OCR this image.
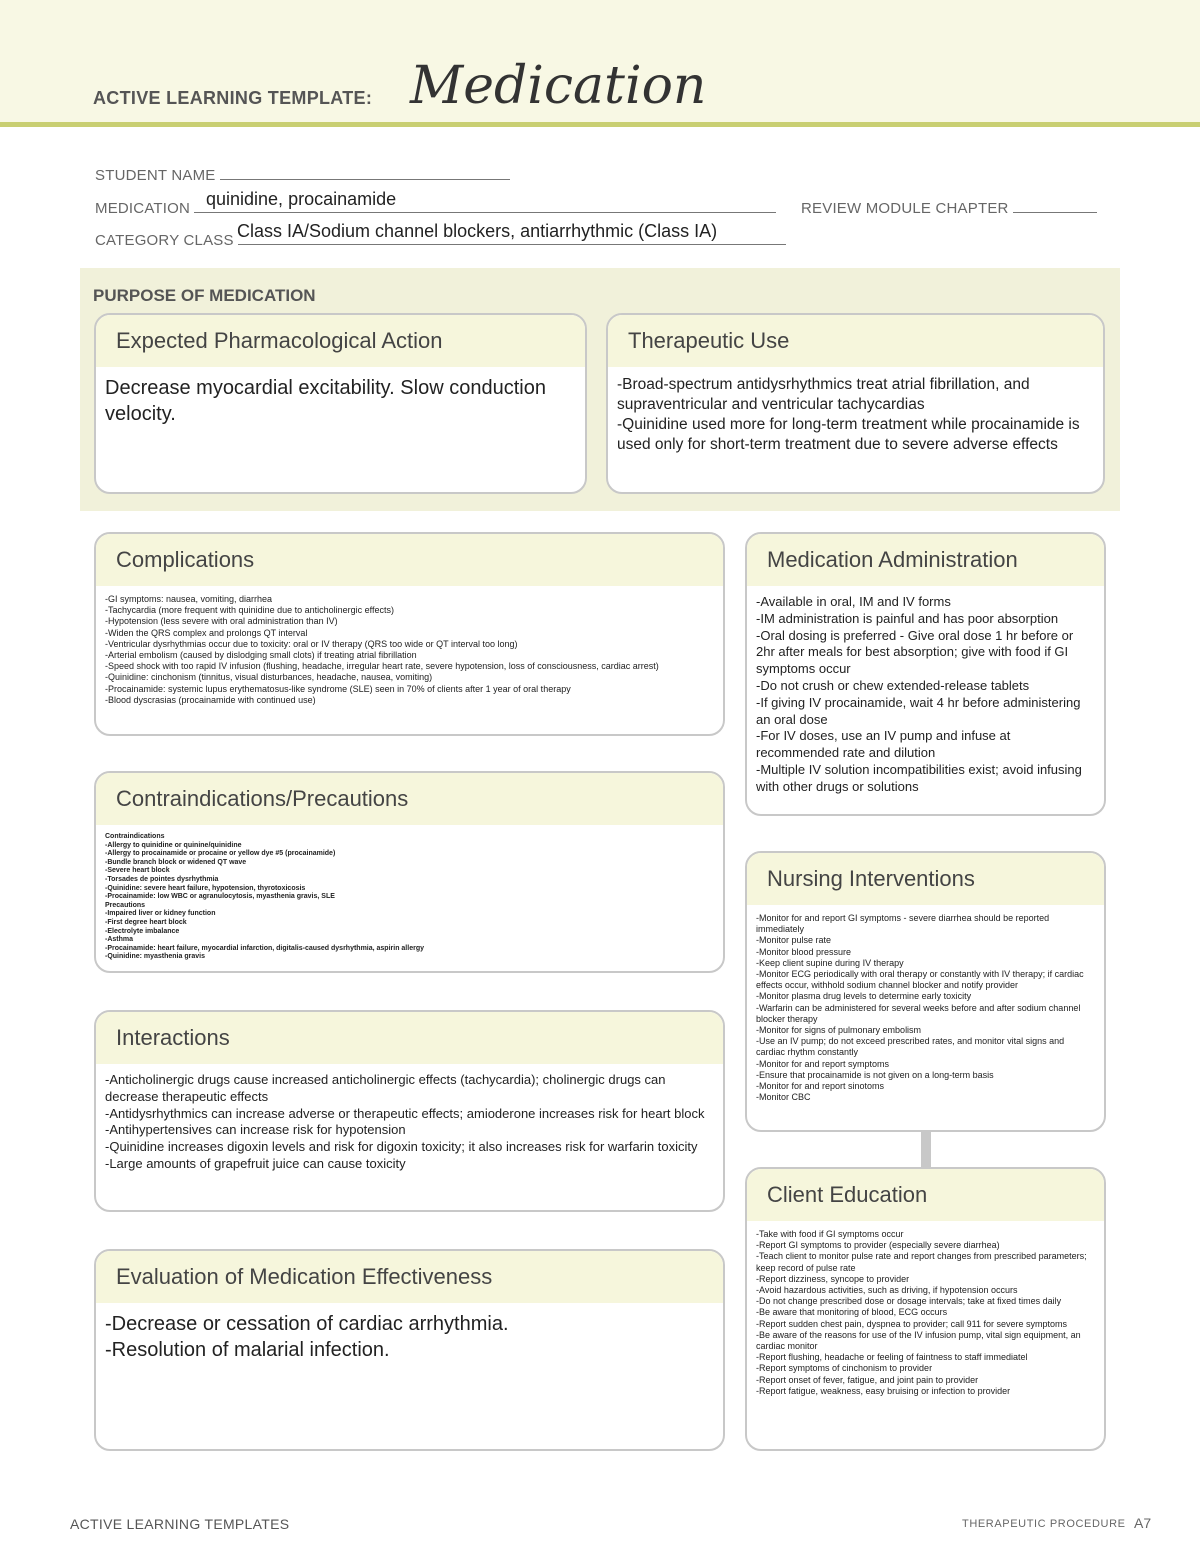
ACTIVE LEARNING TEMPLATE: Medication
STUDENT NAME
MEDICATION quinidine, procainamide	REVIEW MODULE CHAPTER
CATEGORY CLASS Class IA/Sodium channel blockers, antiarrhythmic (Class IA)
PURPOSE OF MEDICATION
Expected Pharmacological Action
Decrease myocardial excitability. Slow conduction velocity.
Therapeutic Use
-Broad-spectrum antidysrhythmics treat atrial fibrillation, and supraventricular and ventricular tachycardias
-Quinidine used more for long-term treatment while procainamide is used only for short-term treatment due to severe adverse effects
Complications
-GI symptoms: nausea, vomiting, diarrhea
-Tachycardia (more frequent with quinidine due to anticholinergic effects)
-Hypotension (less severe with oral administration than IV)
-Widen the QRS complex and prolongs QT interval
-Ventricular dysrhythmias occur due to toxicity: oral or IV therapy (QRS too wide or QT interval too long)
-Arterial embolism (caused by dislodging small clots) if treating atrial fibrillation
-Speed shock with too rapid IV infusion (flushing, headache, irregular heart rate, severe hypotension, loss of consciousness, cardiac arrest)
-Quinidine: cinchonism (tinnitus, visual disturbances, headache, nausea, vomiting)
-Procainamide: systemic lupus erythematosus-like syndrome (SLE) seen in 70% of clients after 1 year of oral therapy
-Blood dyscrasias (procainamide with continued use)
Medication Administration
-Available in oral, IM and IV forms
-IM administration is painful and has poor absorption
-Oral dosing is preferred - Give oral dose 1 hr before or 2hr after meals for best absorption; give with food if GI symptoms occur
-Do not crush or chew extended-release tablets
-If giving IV procainamide, wait 4 hr before administering an oral dose
-For IV doses, use an IV pump and infuse at recommended rate and dilution
-Multiple IV solution incompatibilities exist; avoid infusing with other drugs or solutions
Contraindications/Precautions
Contraindications
-Allergy to quinidine or quinine/quinidine
-Allergy to procainamide or procaine or yellow dye #5 (procainamide)
-Bundle branch block or widened QT wave
-Severe heart block
-Torsades de pointes dysrhythmia
-Quinidine: severe heart failure, hypotension, thyrotoxicosis
-Procainamide: low WBC or agranulocytosis, myasthenia gravis, SLE
Precautions
-Impaired liver or kidney function
-First degree heart block
-Electrolyte imbalance
-Asthma
-Procainamide: heart failure, myocardial infarction, digitalis-caused dysrhythmia, aspirin allergy
-Quinidine: myasthenia gravis
Nursing Interventions
-Monitor for and report GI symptoms - severe diarrhea should be reported immediately
-Monitor pulse rate
-Monitor blood pressure
-Keep client supine during IV therapy
-Monitor ECG periodically with oral therapy or constantly with IV therapy; if cardiac effects occur, withhold sodium channel blocker and notify provider
-Monitor plasma drug levels to determine early toxicity
-Warfarin can be administered for several weeks before and after sodium channel blocker therapy
-Monitor for signs of pulmonary embolism
-Use an IV pump; do not exceed prescribed rates, and monitor vital signs and cardiac rhythm constantly
-Monitor for and report symptoms
-Ensure that procainamide is not given on a long-term basis
-Monitor for and report sinotoms
-Monitor CBC
Interactions
-Anticholinergic drugs cause increased anticholinergic effects (tachycardia); cholinergic drugs can decrease therapeutic effects
-Antidysrhythmics can increase adverse or therapeutic effects; amioderone increases risk for heart block
-Antihypertensives can increase risk for hypotension
-Quinidine increases digoxin levels and risk for digoxin toxicity; it also increases risk for warfarin toxicity
-Large amounts of grapefruit juice can cause toxicity
Client Education
-Take with food if GI symptoms occur
-Report GI symptoms to provider (especially severe diarrhea)
-Teach client to monitor pulse rate and report changes from prescribed parameters; keep record of pulse rate
-Report dizziness, syncope to provider
-Avoid hazardous activities, such as driving, if hypotension occurs
-Do not change prescribed dose or dosage intervals; take at fixed times daily
-Be aware that monitoring of blood, ECG occurs
-Report sudden chest pain, dyspnea to provider; call 911 for severe symptoms
-Be aware of the reasons for use of the IV infusion pump, vital sign equipment, an cardiac monitor
-Report flushing, headache or feeling of faintness to staff immediatel
-Report symptoms of cinchonism to provider
-Report onset of fever, fatigue, and joint pain to provider
-Report fatigue, weakness, easy bruising or infection to provider
Evaluation of Medication Effectiveness
-Decrease or cessation of cardiac arrhythmia.
-Resolution of malarial infection.
ACTIVE LEARNING TEMPLATES	THERAPEUTIC PROCEDURE A7
